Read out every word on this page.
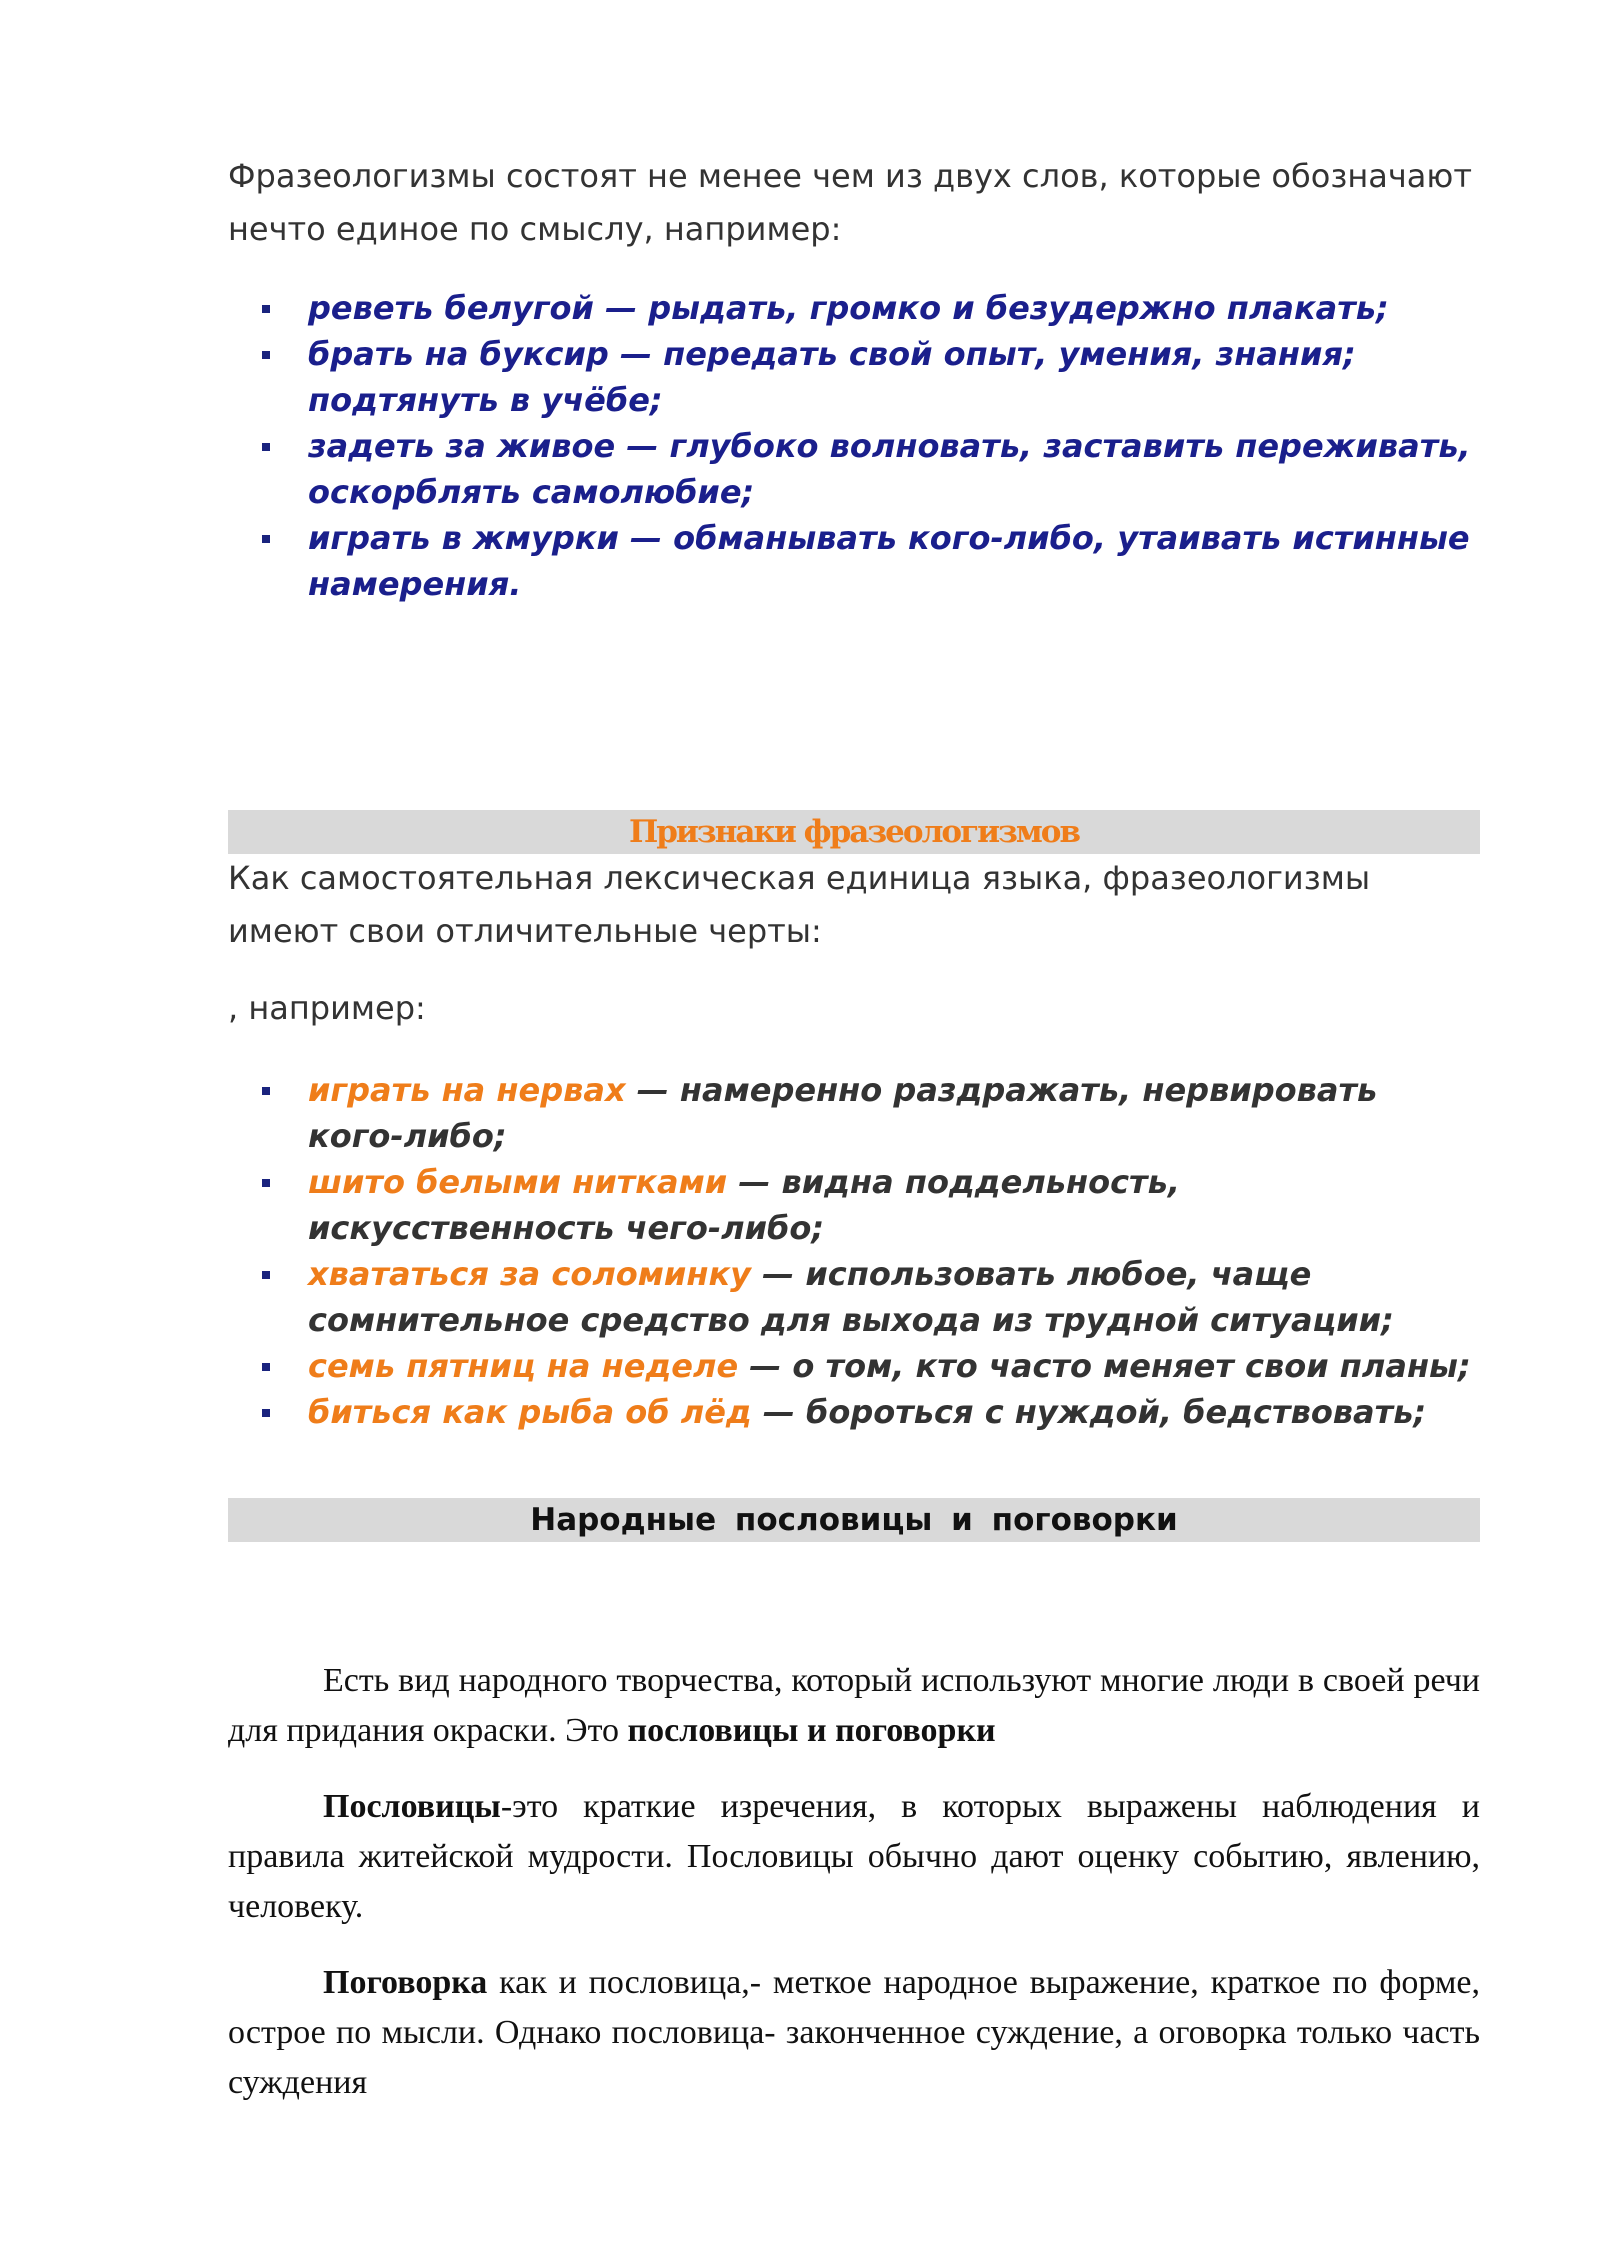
Фразеологизмы состоят не менее чем из двух слов, которые обозначают нечто единое по смыслу, например:

реветь белугой — рыдать, громко и безудержно плакать;
брать на буксир — передать свой опыт, умения, знания; подтянуть в учёбе;
задеть за живое — глубоко волновать, заставить переживать, оскорблять самолюбие;
играть в жмурки — обманывать кого-либо, утаивать истинные намерения.
Признаки фразеологизмов

Как самостоятельная лексическая единица языка, фразеологизмы имеют свои отличительные черты:

, например:

играть на нервах — намеренно раздражать, нервировать кого-либо;
шито белыми нитками — видна поддельность, искусственность чего-либо;
хвататься за соломинку — использовать любое, чаще сомнительное средство для выхода из трудной ситуации;
семь пятниц на неделе — о том, кто часто меняет свои планы;
биться как рыба об лёд — бороться с нуждой, бедствовать;
Народные пословицы и поговорки

Есть вид народного творчества, который используют многие люди в своей речи для придания окраски. Это пословицы и поговорки

Пословицы-это краткие изречения, в которых выражены наблюдения и правила житейской мудрости. Пословицы обычно дают оценку событию, явлению, человеку.

Поговорка как и пословица,- меткое народное выражение, краткое по форме, острое по мысли. Однако пословица- законченное суждение, а оговорка только часть суждения
